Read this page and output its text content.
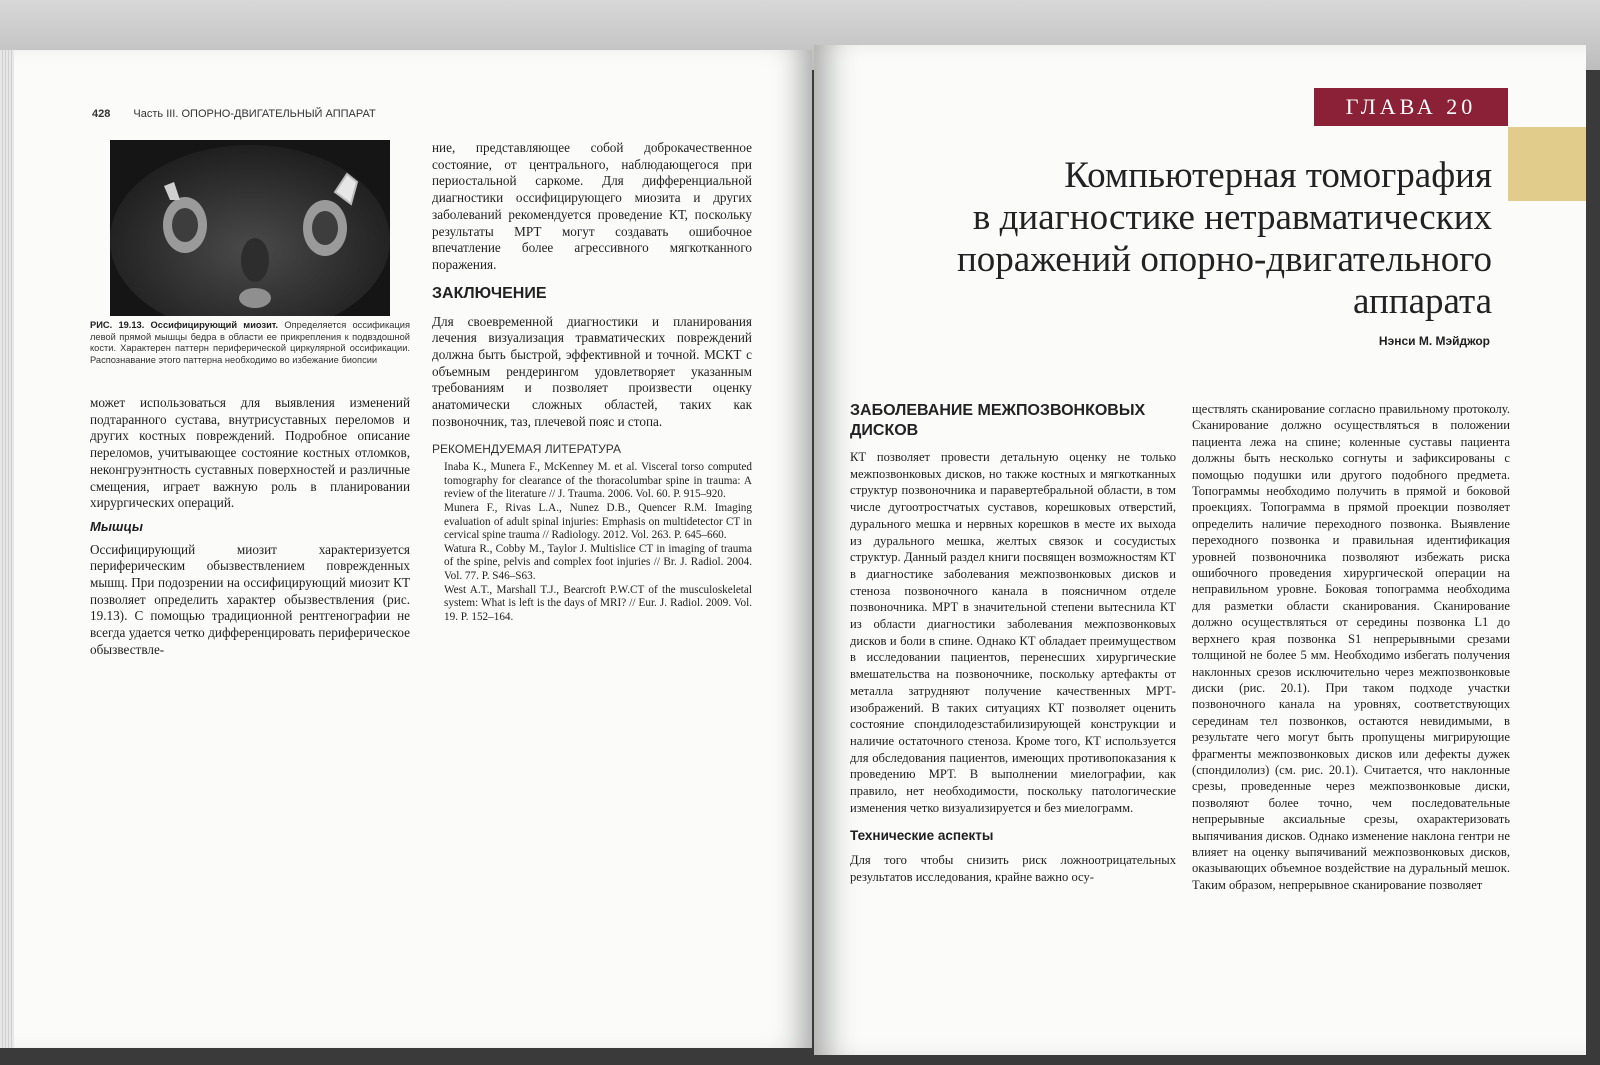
428 Часть III. ОПОРНО-ДВИГАТЕЛЬНЫЙ АППАРАТ
РИС. 19.13. Оссифицирующий миозит. Определяется оссификация левой прямой мышцы бедра в области ее прикрепления к подвздошной кости. Характерен паттерн периферической циркулярной оссификации. Распознавание этого паттерна необходимо во избежание биопсии

может использоваться для выявления изменений подтаранного сустава, внутрисуставных переломов и других костных повреждений. Подробное описание переломов, учитывающее состояние костных отломков, неконгруэнтность суставных поверхностей и различные смещения, играет важную роль в планировании хирургических операций.

Мышцы

Оссифицирующий миозит характеризуется периферическим обызвествлением поврежденных мышц. При подозрении на оссифицирующий миозит КТ позволяет определить характер обызвествления (рис. 19.13). С помощью традиционной рентгенографии не всегда удается четко дифференцировать периферическое обызвествле-

ние, представляющее собой доброкачественное состояние, от центрального, наблюдающегося при периостальной саркоме. Для дифференциальной диагностики оссифицирующего миозита и других заболеваний рекомендуется проведение КТ, поскольку результаты МРТ могут создавать ошибочное впечатление более агрессивного мягкотканного поражения.

ЗАКЛЮЧЕНИЕ

Для своевременной диагностики и планирования лечения визуализация травматических повреждений должна быть быстрой, эффективной и точной. МСКТ с объемным рендерингом удовлетворяет указанным требованиям и позволяет произвести оценку анатомически сложных областей, таких как позвоночник, таз, плечевой пояс и стопа.

РЕКОМЕНДУЕМАЯ ЛИТЕРАТУРА

Inaba K., Munera F., McKenney M. et al. Visceral torso computed tomography for clearance of the thoracolumbar spine in trauma: A review of the literature // J. Trauma. 2006. Vol. 60. P. 915–920.

Munera F., Rivas L.A., Nunez D.B., Quencer R.M. Imaging evaluation of adult spinal injuries: Emphasis on multidetector CT in cervical spine trauma // Radiology. 2012. Vol. 263. P. 645–660.

Watura R., Cobby M., Taylor J. Multislice CT in imaging of trauma of the spine, pelvis and complex foot injuries // Br. J. Radiol. 2004. Vol. 77. P. S46–S63.

West A.T., Marshall T.J., Bearcroft P.W.CT of the musculoskeletal system: What is left is the days of MRI? // Eur. J. Radiol. 2009. Vol. 19. P. 152–164.

ГЛАВА 20
Компьютерная томография
в диагностике нетравматических
поражений опорно-двигательного
аппарата
Нэнси М. Мэйджор

ЗАБОЛЕВАНИЕ МЕЖПОЗВОНКОВЫХ ДИСКОВ

КТ позволяет провести детальную оценку не только межпозвонковых дисков, но также костных и мягкотканных структур позвоночника и паравертебральной области, в том числе дугоотростчатых суставов, корешковых отверстий, дурального мешка и нервных корешков в месте их выхода из дурального мешка, желтых связок и сосудистых структур. Данный раздел книги посвящен возможностям КТ в диагностике заболевания межпозвонковых дисков и стеноза позвоночного канала в поясничном отделе позвоночника. МРТ в значительной степени вытеснила КТ из области диагностики заболевания межпозвонковых дисков и боли в спине. Однако КТ обладает преимуществом в исследовании пациентов, перенесших хирургические вмешательства на позвоночнике, поскольку артефакты от металла затрудняют получение качественных МРТ-изображений. В таких ситуациях КТ позволяет оценить состояние спондилодезстабилизирующей конструкции и наличие остаточного стеноза. Кроме того, КТ используется для обследования пациентов, имеющих противопоказания к проведению МРТ. В выполнении миелографии, как правило, нет необходимости, поскольку патологические изменения четко визуализируется и без миелограмм.

Технические аспекты

Для того чтобы снизить риск ложноотрицательных результатов исследования, крайне важно осу-

ществлять сканирование согласно правильному протоколу. Сканирование должно осуществляться в положении пациента лежа на спине; коленные суставы пациента должны быть несколько согнуты и зафиксированы с помощью подушки или другого подобного предмета. Топограммы необходимо получить в прямой и боковой проекциях. Топограмма в прямой проекции позволяет определить наличие переходного позвонка. Выявление переходного позвонка и правильная идентификация уровней позвоночника позволяют избежать риска ошибочного проведения хирургической операции на неправильном уровне. Боковая топограмма необходима для разметки области сканирования. Сканирование должно осуществляться от середины позвонка L1 до верхнего края позвонка S1 непрерывными срезами толщиной не более 5 мм. Необходимо избегать получения наклонных срезов исключительно через межпозвонковые диски (рис. 20.1). При таком подходе участки позвоночного канала на уровнях, соответствующих серединам тел позвонков, остаются невидимыми, в результате чего могут быть пропущены мигрирующие фрагменты межпозвонковых дисков или дефекты дужек (спондилолиз) (см. рис. 20.1). Считается, что наклонные срезы, проведенные через межпозвонковые диски, позволяют более точно, чем последовательные непрерывные аксиальные срезы, охарактеризовать выпячивания дисков. Однако изменение наклона гентри не влияет на оценку выпячиваний межпозвонковых дисков, оказывающих объемное воздействие на дуральный мешок. Таким образом, непрерывное сканирование позволяет
